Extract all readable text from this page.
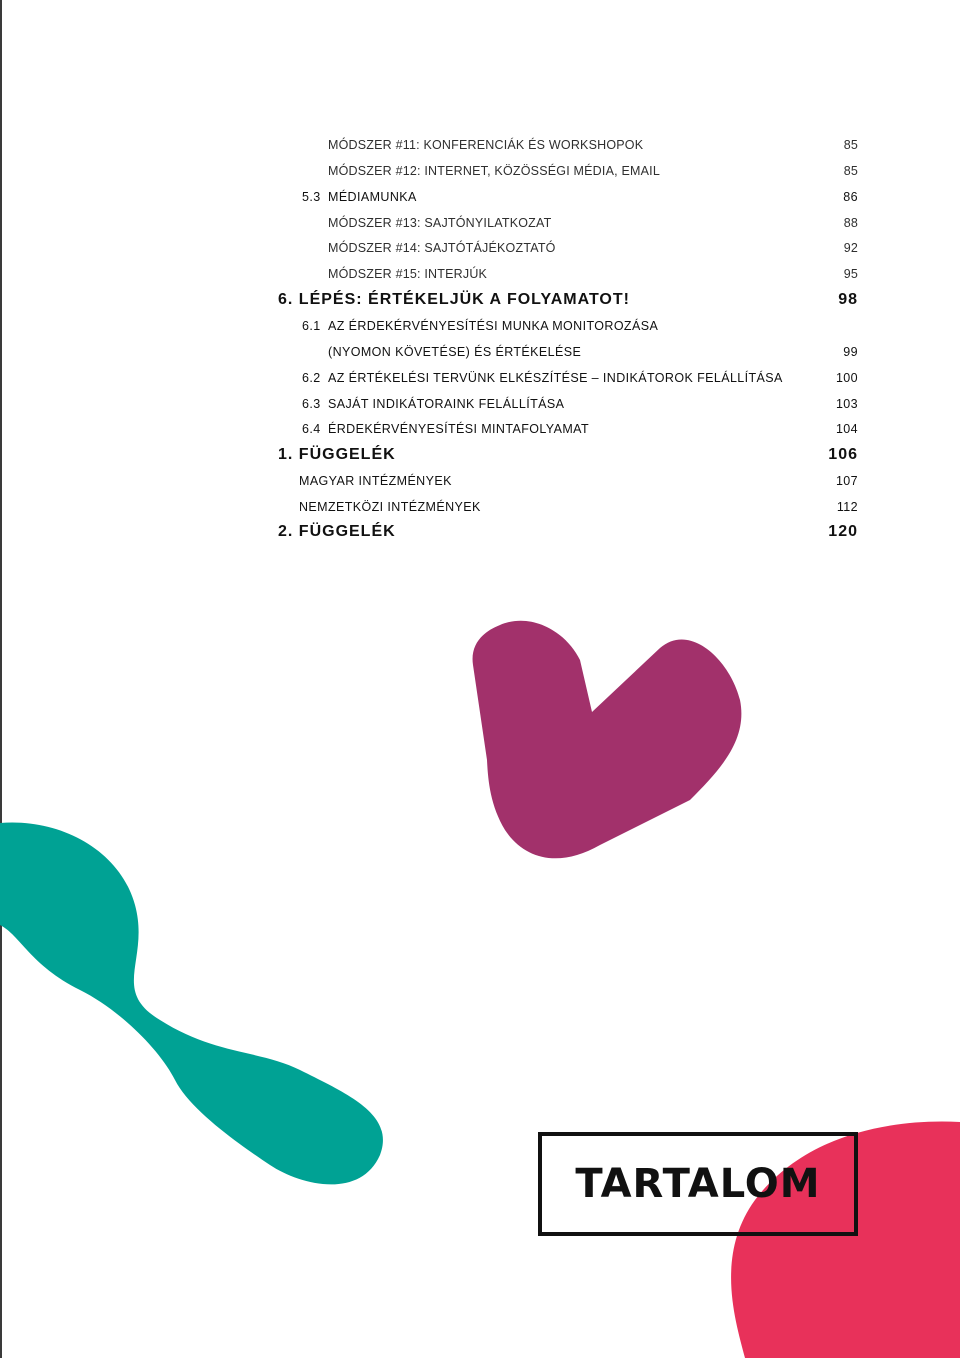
MÓDSZER #11: KONFERENCIÁK ÉS WORKSHOPOK	85
MÓDSZER #12: INTERNET, KÖZÖSSÉGI MÉDIA, EMAIL	85
5.3 MÉDIAMUNKA	86
MÓDSZER #13: SAJTÓNYILATKOZAT	88
MÓDSZER #14: SAJTÓTÁJÉKOZTATÓ	92
MÓDSZER #15: INTERJÚK	95
6. LÉPÉS: ÉRTÉKELJÜK A FOLYAMATOT!	98
6.1 AZ ÉRDEKÉRVÉNYESÍTÉSI MUNKA MONITOROZÁSA
(NYOMON KÖVETÉSE) ÉS ÉRTÉKELÉSE	99
6.2 AZ ÉRTÉKELÉSI TERVÜNK ELKÉSZÍTÉSE – INDIKÁTOROK FELÁLLÍTÁSA	100
6.3 SAJÁT INDIKÁTORAINK FELÁLLÍTÁSA	103
6.4 ÉRDEKÉRVÉNYESÍTÉSI MINTAFOLYAMAT	104
1. FÜGGELÉK	106
MAGYAR INTÉZMÉNYEK	107
NEMZETKÖZI INTÉZMÉNYEK	112
2. FÜGGELÉK	120
TARTALOM
